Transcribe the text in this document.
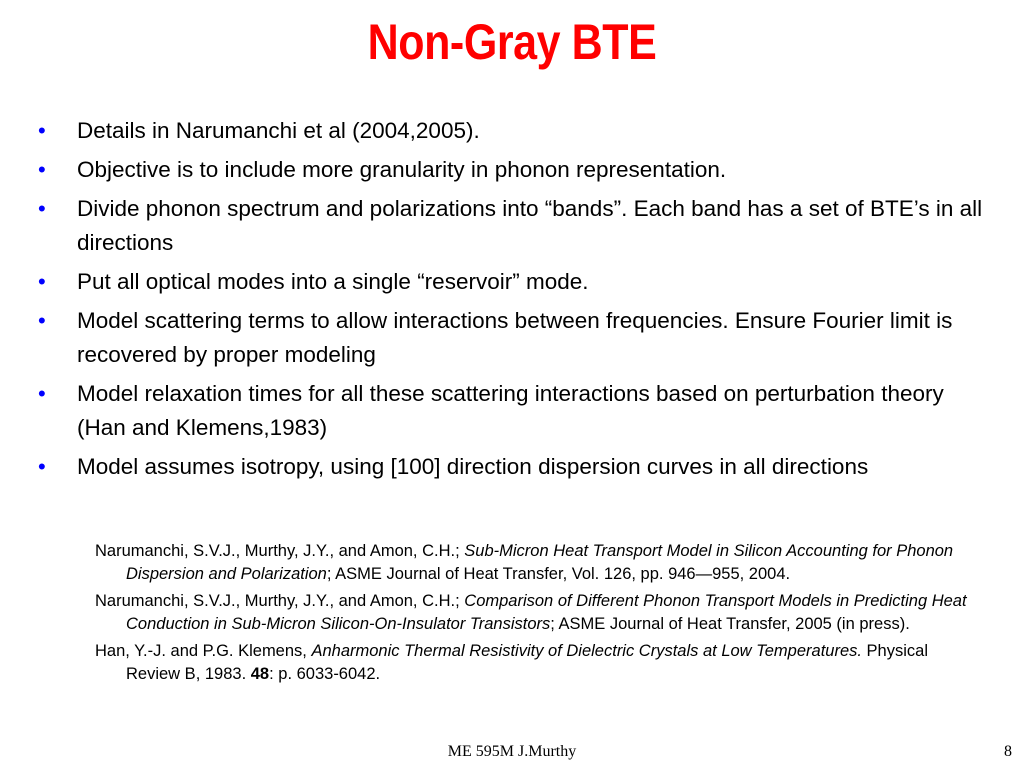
Non-Gray BTE
• Details in Narumanchi et al (2004,2005).
• Objective is to include more granularity in phonon representation.
• Divide phonon spectrum and polarizations into “bands”. Each band has a set of BTE’s in all directions
• Put all optical modes into a single “reservoir” mode.
• Model scattering terms to allow interactions between frequencies. Ensure Fourier limit is recovered by proper modeling
• Model relaxation times for all these scattering interactions based on perturbation theory (Han and Klemens,1983)
• Model assumes isotropy, using [100] direction dispersion curves in all directions
Narumanchi, S.V.J., Murthy, J.Y., and Amon, C.H.; Sub-Micron Heat Transport Model in Silicon Accounting for Phonon Dispersion and Polarization; ASME Journal of Heat Transfer, Vol. 126, pp. 946—955, 2004.
Narumanchi, S.V.J., Murthy, J.Y., and Amon, C.H.; Comparison of Different Phonon Transport Models in Predicting Heat Conduction in Sub-Micron Silicon-On-Insulator Transistors; ASME Journal of Heat Transfer, 2005 (in press).
Han, Y.-J. and P.G. Klemens, Anharmonic Thermal Resistivity of Dielectric Crystals at Low Temperatures. Physical Review B, 1983. 48: p. 6033-6042.
ME 595M J.Murthy	8
